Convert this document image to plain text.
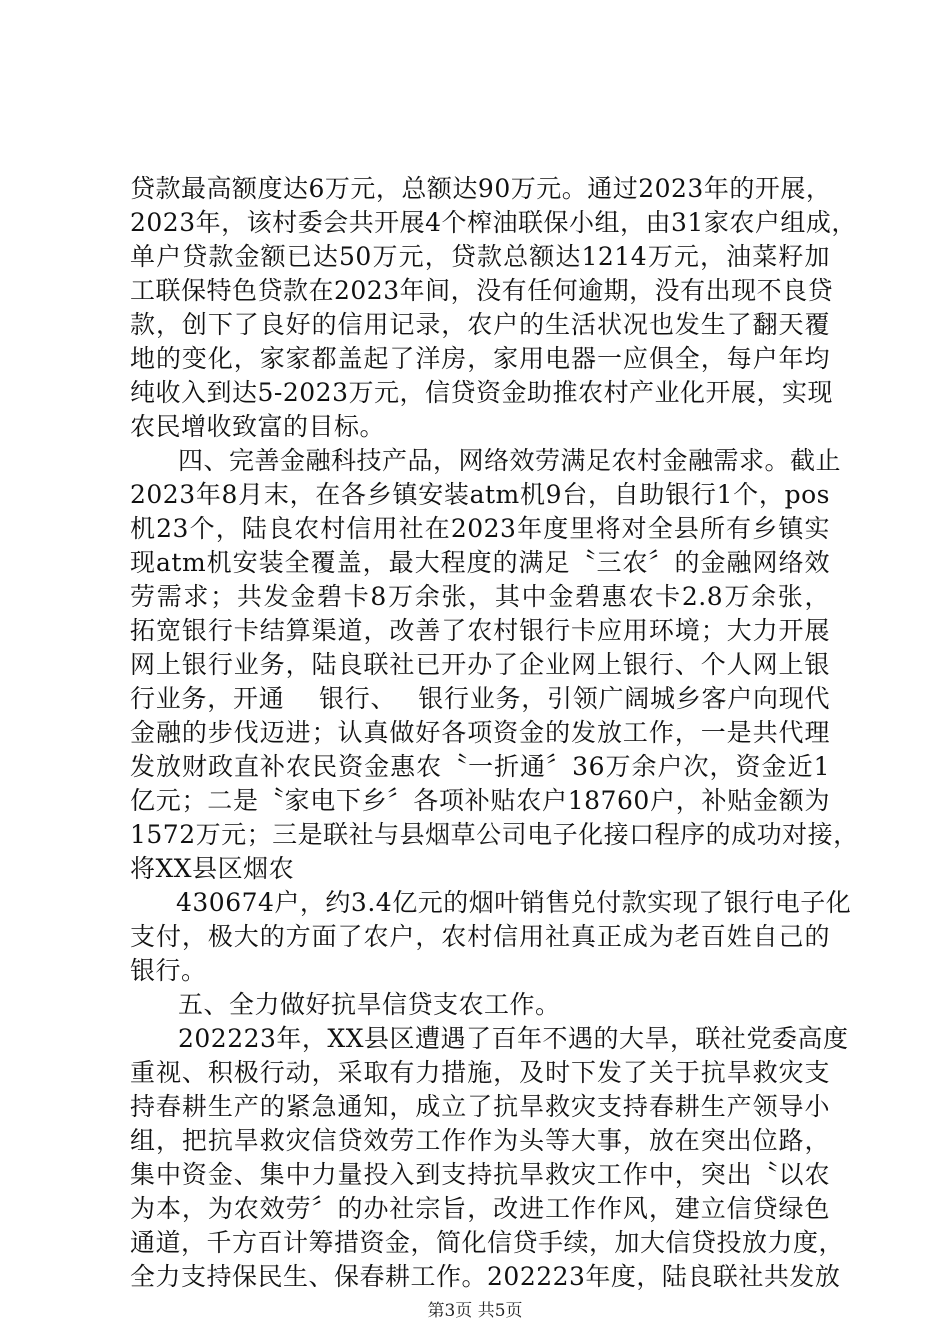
贷款最高额度达6万元，总额达90万元。通过2023年的开展，
2023年，该村委会共开展4个榨油联保小组，由31家农户组成，
单户贷款金额已达50万元，贷款总额达1214万元，油菜籽加
工联保特色贷款在2023年间，没有任何逾期，没有出现不良贷
款，创下了良好的信用记录，农户的生活状况也发生了翻天覆
地的变化，家家都盖起了洋房，家用电器一应俱全，每户年均
纯收入到达5-2023万元，信贷资金助推农村产业化开展，实现
农民增收致富的目标。
四、完善金融科技产品，网络效劳满足农村金融需求。截止
2023年8月末，在各乡镇安装atm机9台，自助银行1个，pos
机23个，陆良农村信用社在2023年度里将对全县所有乡镇实
现atm机安装全覆盖，最大程度的满足〝三农〞的金融网络效
劳需求；共发金碧卡8万余张，其中金碧惠农卡2.8万余张，
拓宽银行卡结算渠道，改善了农村银行卡应用环境；大力开展
网上银行业务，陆良联社已开办了企业网上银行、个人网上银
行业务，开通　 银行、　 银行业务，引领广阔城乡客户向现代
金融的步伐迈进；认真做好各项资金的发放工作，一是共代理
发放财政直补农民资金惠农〝一折通〞36万余户次，资金近1
亿元；二是〝家电下乡〞各项补贴农户18760户，补贴金额为
1572万元；三是联社与县烟草公司电子化接口程序的成功对接，
将XX县区烟农
430674户，约3.4亿元的烟叶销售兑付款实现了银行电子化
支付，极大的方面了农户，农村信用社真正成为老百姓自己的
银行。
五、全力做好抗旱信贷支农工作。
202223年，XX县区遭遇了百年不遇的大旱，联社党委高度
重视、积极行动，采取有力措施，及时下发了关于抗旱救灾支
持春耕生产的紧急通知，成立了抗旱救灾支持春耕生产领导小
组，把抗旱救灾信贷效劳工作作为头等大事，放在突出位路，
集中资金、集中力量投入到支持抗旱救灾工作中，突出〝以农
为本，为农效劳〞的办社宗旨，改进工作作风，建立信贷绿色
通道，千方百计筹措资金，简化信贷手续，加大信贷投放力度，
全力支持保民生、保春耕工作。202223年度，陆良联社共发放
第3页 共5页
